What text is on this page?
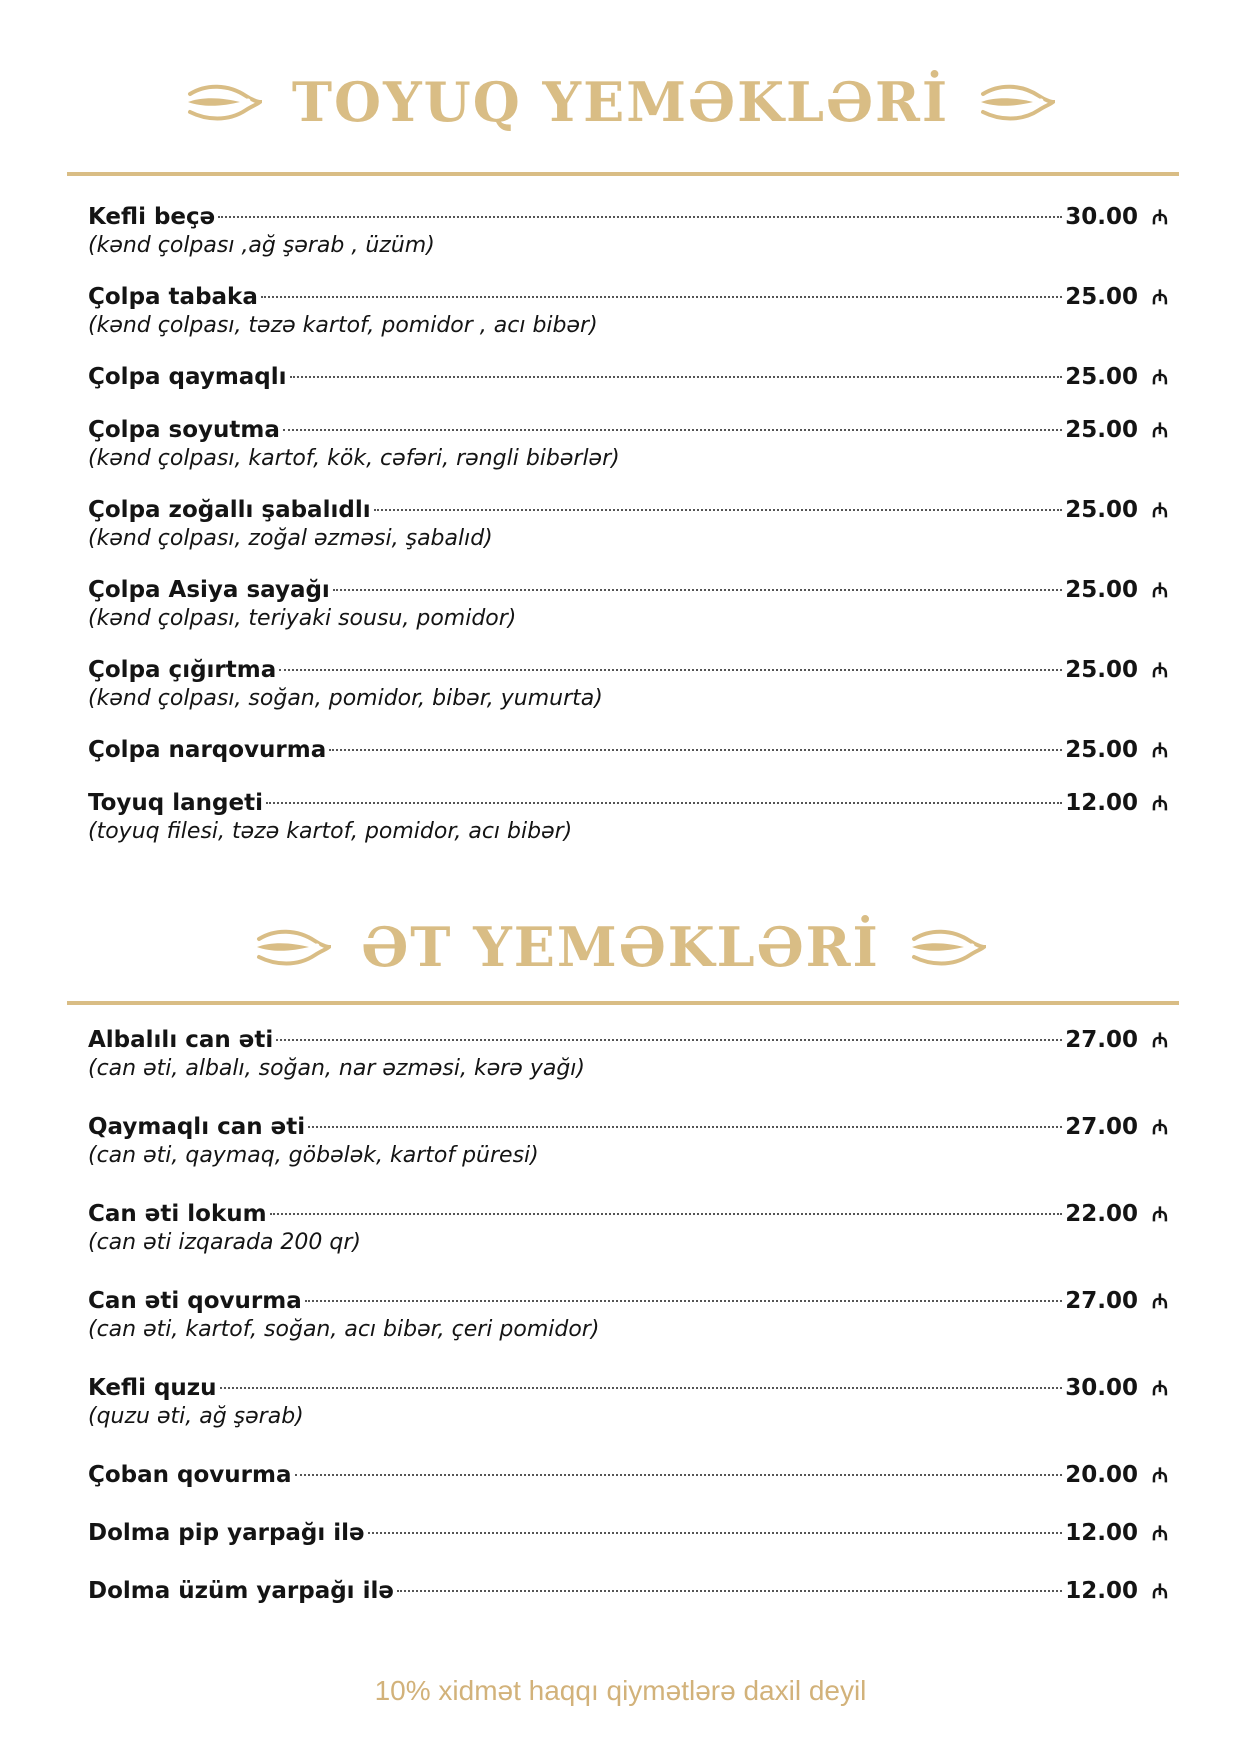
TOYUQ YEMƏKLƏRİ
Kefli beçə	30.00 ₼
(kənd çolpası ,ağ şərab , üzüm)
Çolpa tabaka	25.00 ₼
(kənd çolpası, təzə kartof, pomidor , acı bibər)
Çolpa qaymaqlı	25.00 ₼
Çolpa soyutma	25.00 ₼
(kənd çolpası, kartof, kök, cəfəri, rəngli bibərlər)
Çolpa zoğallı şabalıdlı	25.00 ₼
(kənd çolpası, zoğal əzməsi, şabalıd)
Çolpa Asiya sayağı	25.00 ₼
(kənd çolpası, teriyaki sousu, pomidor)
Çolpa çığırtma	25.00 ₼
(kənd çolpası, soğan, pomidor, bibər, yumurta)
Çolpa narqovurma	25.00 ₼
Toyuq langeti	12.00 ₼
(toyuq filesi, təzə kartof, pomidor, acı bibər)
ƏT YEMƏKLƏRİ
Albalılı can əti	27.00 ₼
(can əti, albalı, soğan, nar əzməsi, kərə yağı)
Qaymaqlı can əti	27.00 ₼
(can əti, qaymaq, göbələk, kartof püresi)
Can əti lokum	22.00 ₼
(can əti izqarada 200 qr)
Can əti qovurma	27.00 ₼
(can əti, kartof, soğan, acı bibər, çeri pomidor)
Kefli quzu	30.00 ₼
(quzu əti, ağ şərab)
Çoban qovurma	20.00 ₼
Dolma pip yarpağı ilə	12.00 ₼
Dolma üzüm yarpağı ilə	12.00 ₼
10% xidmət haqqı qiymətlərə daxil deyil
